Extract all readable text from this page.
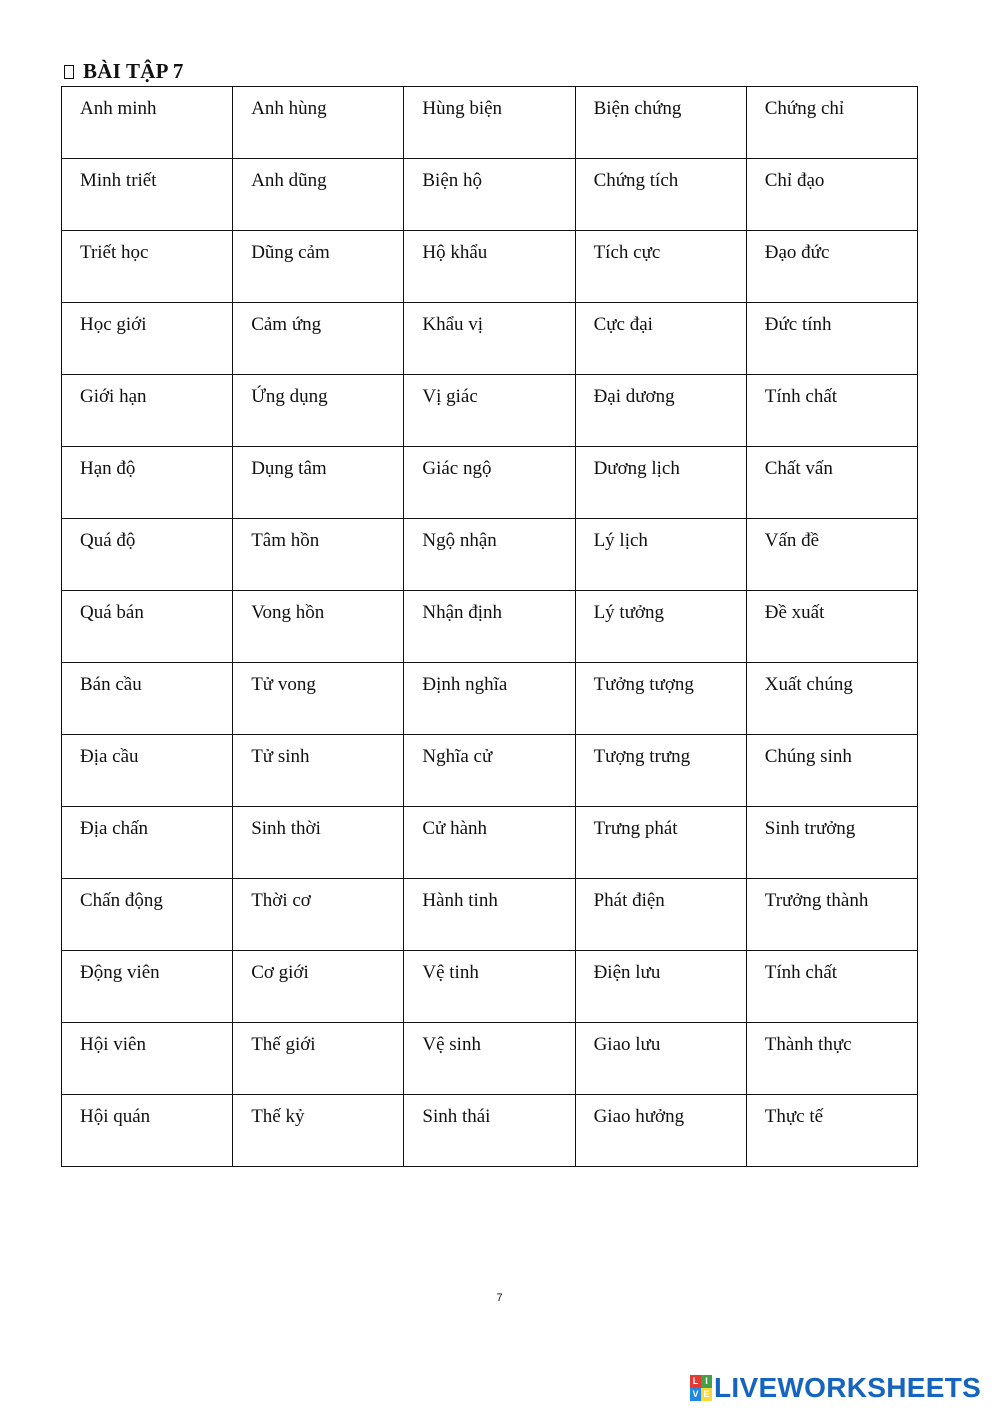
BÀI TẬP 7
Anh minh	Anh hùng	Hùng biện	Biện chứng	Chứng chỉ

Minh triết	Anh dũng	Biện hộ	Chứng tích	Chỉ đạo

Triết học	Dũng cảm	Hộ khẩu	Tích cực	Đạo đức

Học giới	Cảm ứng	Khẩu vị	Cực đại	Đức tính

Giới hạn	Ứng dụng	Vị giác	Đại dương	Tính chất

Hạn độ	Dụng tâm	Giác ngộ	Dương lịch	Chất vấn

Quá độ	Tâm hồn	Ngộ nhận	Lý lịch	Vấn đề

Quá bán	Vong hồn	Nhận định	Lý tưởng	Đề xuất

Bán cầu	Tử vong	Định nghĩa	Tưởng tượng	Xuất chúng

Địa cầu	Tử sinh	Nghĩa cử	Tượng trưng	Chúng sinh

Địa chấn	Sinh thời	Cử hành	Trưng phát	Sinh trưởng

Chấn động	Thời cơ	Hành tinh	Phát điện	Trưởng thành

Động viên	Cơ giới	Vệ tinh	Điện lưu	Tính chất

Hội viên	Thế giới	Vệ sinh	Giao lưu	Thành thực

Hội quán	Thế kỷ	Sinh thái	Giao hưởng	Thực tế
7
L I
V E LIVEWORKSHEETS
